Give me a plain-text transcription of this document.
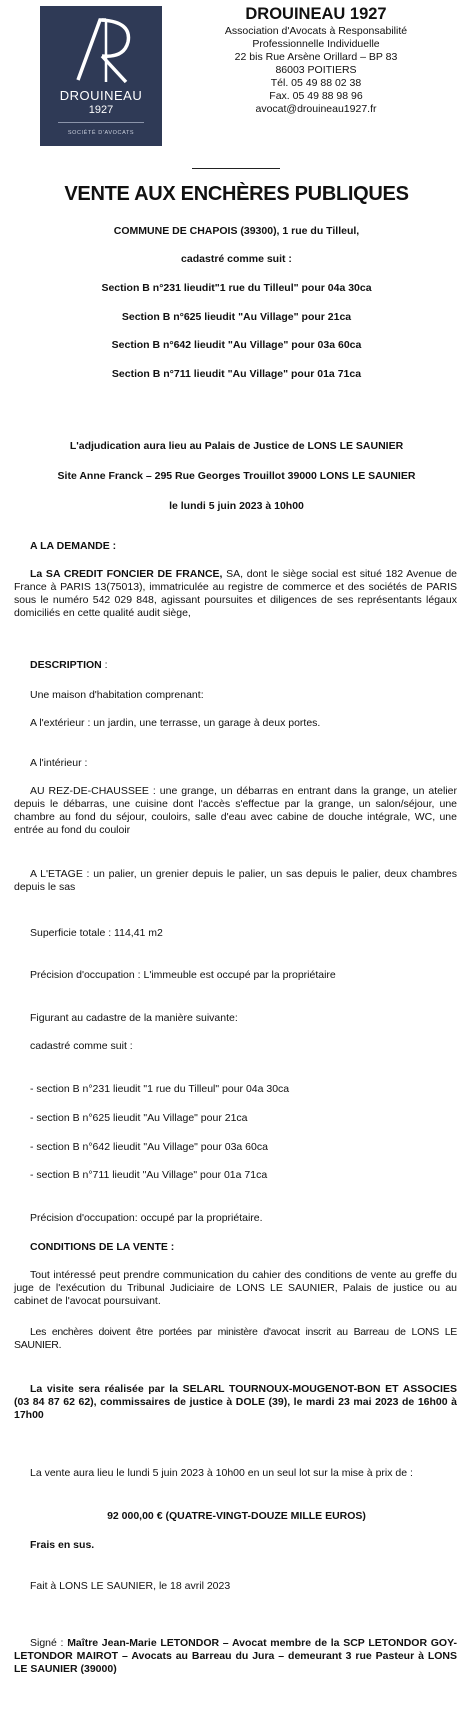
DROUINEAU
1927
SOCIÉTÉ D'AVOCATS
DROUINEAU 1927
Association d'Avocats à Responsabilité
Professionnelle Individuelle
22 bis Rue Arsène Orillard – BP 83
86003 POITIERS
Tél. 05 49 88 02 38
Fax. 05 49 88 98 96
avocat@drouineau1927.fr
VENTE AUX ENCHÈRES PUBLIQUES
COMMUNE DE CHAPOIS (39300), 1 rue du Tilleul,
cadastré comme suit :
Section B n°231 lieudit"1 rue du Tilleul" pour 04a 30ca
Section B n°625 lieudit "Au Village" pour 21ca
Section B n°642 lieudit "Au Village" pour 03a 60ca
Section B n°711 lieudit "Au Village" pour 01a 71ca
L'adjudication aura lieu au Palais de Justice de LONS LE SAUNIER
Site Anne Franck – 295 Rue Georges Trouillot 39000 LONS LE SAUNIER
le lundi 5 juin 2023 à 10h00
A LA DEMANDE :
La SA CREDIT FONCIER DE FRANCE, SA, dont le siège social est situé 182 Avenue de France à PARIS 13(75013), immatriculée au registre de commerce et des sociétés de PARIS sous le numéro 542 029 848, agissant poursuites et diligences de ses représentants légaux domiciliés en cette qualité audit siège,
DESCRIPTION :
Une maison d'habitation comprenant:
A l'extérieur : un jardin, une terrasse, un garage à deux portes.
A l'intérieur :
AU REZ-DE-CHAUSSEE : une grange, un débarras en entrant dans la grange, un atelier depuis le débarras, une cuisine dont l'accès s'effectue par la grange, un salon/séjour, une chambre au fond du séjour, couloirs, salle d'eau avec cabine de douche intégrale, WC, une entrée au fond du couloir
A L'ETAGE : un palier, un grenier depuis le palier, un sas depuis le palier, deux chambres depuis le sas
Superficie totale : 114,41 m2
Précision d'occupation : L'immeuble est occupé par la propriétaire
Figurant au cadastre de la manière suivante:
cadastré comme suit :
- section B n°231 lieudit "1 rue du Tilleul" pour 04a 30ca
- section B n°625 lieudit "Au Village" pour 21ca
- section B n°642 lieudit "Au Village" pour 03a 60ca
- section B n°711 lieudit "Au Village" pour 01a 71ca
Précision d'occupation: occupé par la propriétaire.
CONDITIONS DE LA VENTE :
Tout intéressé peut prendre communication du cahier des conditions de vente au greffe du juge de l'exécution du Tribunal Judiciaire de LONS LE SAUNIER, Palais de justice ou au cabinet de l'avocat poursuivant.
Les enchères doivent être portées par ministère d'avocat inscrit au Barreau de LONS LE SAUNIER.
La visite sera réalisée par la SELARL TOURNOUX-MOUGENOT-BON ET ASSOCIES (03 84 87 62 62), commissaires de justice à DOLE (39), le mardi 23 mai 2023 de 16h00 à 17h00
La vente aura lieu le lundi 5 juin 2023 à 10h00 en un seul lot sur la mise à prix de :
92 000,00 € (QUATRE-VINGT-DOUZE MILLE EUROS)
Frais en sus.
Fait à LONS LE SAUNIER, le 18 avril 2023
Signé : Maître Jean-Marie LETONDOR – Avocat membre de la SCP LETONDOR GOY-LETONDOR MAIROT – Avocats au Barreau du Jura – demeurant 3 rue Pasteur à LONS LE SAUNIER (39000)
